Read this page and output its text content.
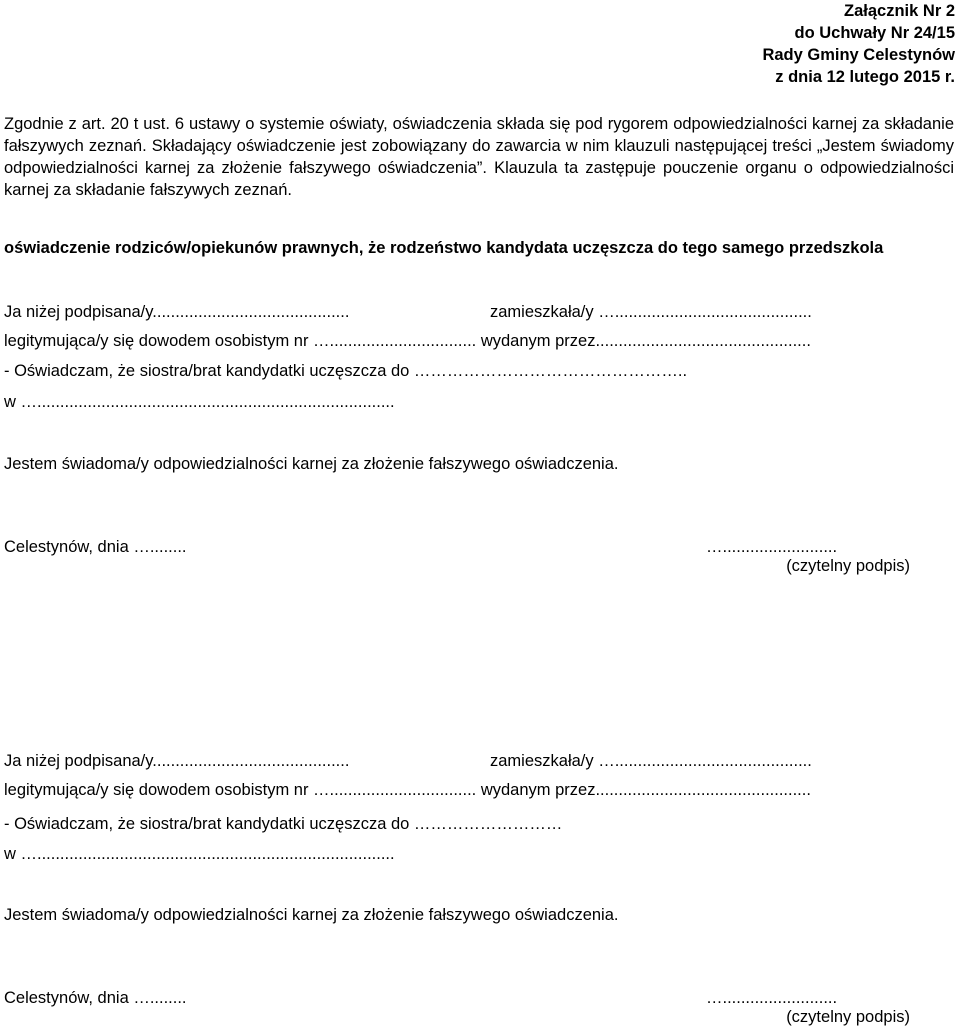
Załącznik Nr 2
do Uchwały Nr 24/15
Rady Gminy Celestynów
z dnia 12 lutego 2015 r.

Zgodnie z art. 20 t ust. 6 ustawy o systemie oświaty, oświadczenia składa się pod rygorem odpowiedzialności karnej za składanie fałszywych zeznań. Składający oświadczenie jest zobowiązany do zawarcia w nim klauzuli następującej treści „Jestem świadomy odpowiedzialności karnej za złożenie fałszywego oświadczenia”. Klauzula ta zastępuje pouczenie organu o odpowiedzialności karnej za składanie fałszywych zeznań.

oświadczenie rodziców/opiekunów prawnych, że rodzeństwo kandydata uczęszcza do tego samego przedszkola
Ja niżej podpisana/y...........................................	zamieszkała/y …...........................................
legitymująca/y się dowodem osobistym nr …................................ wydanym przez...............................................
- Oświadczam, że siostra/brat kandydatki uczęszcza do …………………………………………..
w …..............................................................................
Jestem świadoma/y odpowiedzialności karnej za złożenie fałszywego oświadczenia.
Celestynów, dnia …........	….........................
(czytelny podpis)
Ja niżej podpisana/y...........................................	zamieszkała/y …...........................................
legitymująca/y się dowodem osobistym nr …................................ wydanym przez...............................................
- Oświadczam, że siostra/brat kandydatki uczęszcza do ………………………
w …..............................................................................
Jestem świadoma/y odpowiedzialności karnej za złożenie fałszywego oświadczenia.
Celestynów, dnia …........	….........................
(czytelny podpis)
